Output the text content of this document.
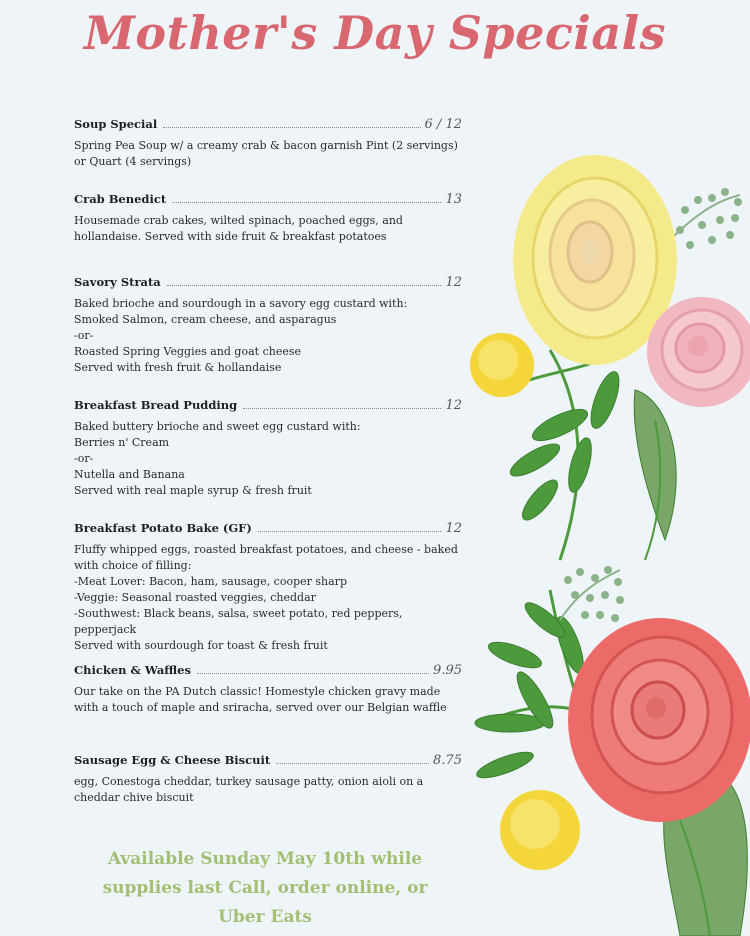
Mother's Day Specials
Soup Special	6 / 12
Spring Pea Soup w/ a creamy crab & bacon garnish Pint (2 servings) or Quart (4 servings)
Crab Benedict	13
Housemade crab cakes, wilted spinach, poached eggs, and hollandaise. Served with side fruit & breakfast potatoes
Savory Strata	12
Baked brioche and sourdough in a savory egg custard with:
Smoked Salmon, cream cheese, and asparagus
-or-
Roasted Spring Veggies and goat cheese
Served with fresh fruit & hollandaise
Breakfast Bread Pudding	12
Baked buttery brioche and sweet egg custard with:
Berries n' Cream
-or-
Nutella and Banana
Served with real maple syrup & fresh fruit
Breakfast Potato Bake (GF)	12
Fluffy whipped eggs, roasted breakfast potatoes, and cheese - baked with choice of filling:
-Meat Lover: Bacon, ham, sausage, cooper sharp
-Veggie: Seasonal roasted veggies, cheddar
-Southwest: Black beans, salsa, sweet potato, red peppers, pepperjack
Served with sourdough for toast & fresh fruit
Chicken & Waffles	9.95
Our take on the PA Dutch classic! Homestyle chicken gravy made with a touch of maple and sriracha, served over our Belgian waffle
Sausage Egg & Cheese Biscuit	8.75
egg, Conestoga cheddar, turkey sausage patty, onion aioli on a cheddar chive biscuit
Available Sunday May 10th while supplies last Call, order online, or Uber Eats
